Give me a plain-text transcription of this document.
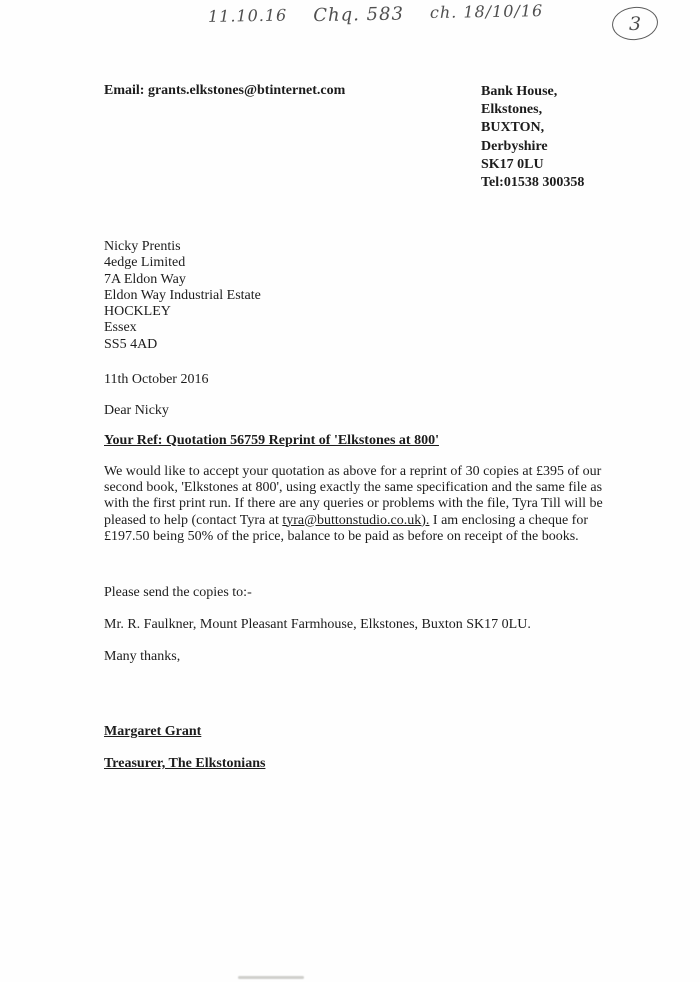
11.10.16 Chq. 583 ch. 18/10/16
3
Email: grants.elkstones@btinternet.com	Bank House,
Elkstones,
BUXTON,
Derbyshire
SK17 0LU
Tel:01538 300358
Nicky Prentis
4edge Limited
7A Eldon Way
Eldon Way Industrial Estate
HOCKLEY
Essex
SS5 4AD
11th October 2016
Dear Nicky
Your Ref: Quotation 56759 Reprint of 'Elkstones at 800'
We would like to accept your quotation as above for a reprint of 30 copies at £395 of our second book, 'Elkstones at 800', using exactly the same specification and the same file as with the first print run. If there are any queries or problems with the file, Tyra Till will be pleased to help (contact Tyra at tyra@buttonstudio.co.uk). I am enclosing a cheque for £197.50 being 50% of the price, balance to be paid as before on receipt of the books.
Please send the copies to:-
Mr. R. Faulkner, Mount Pleasant Farmhouse, Elkstones, Buxton SK17 0LU.
Many thanks,
Margaret Grant
Treasurer, The Elkstonians
